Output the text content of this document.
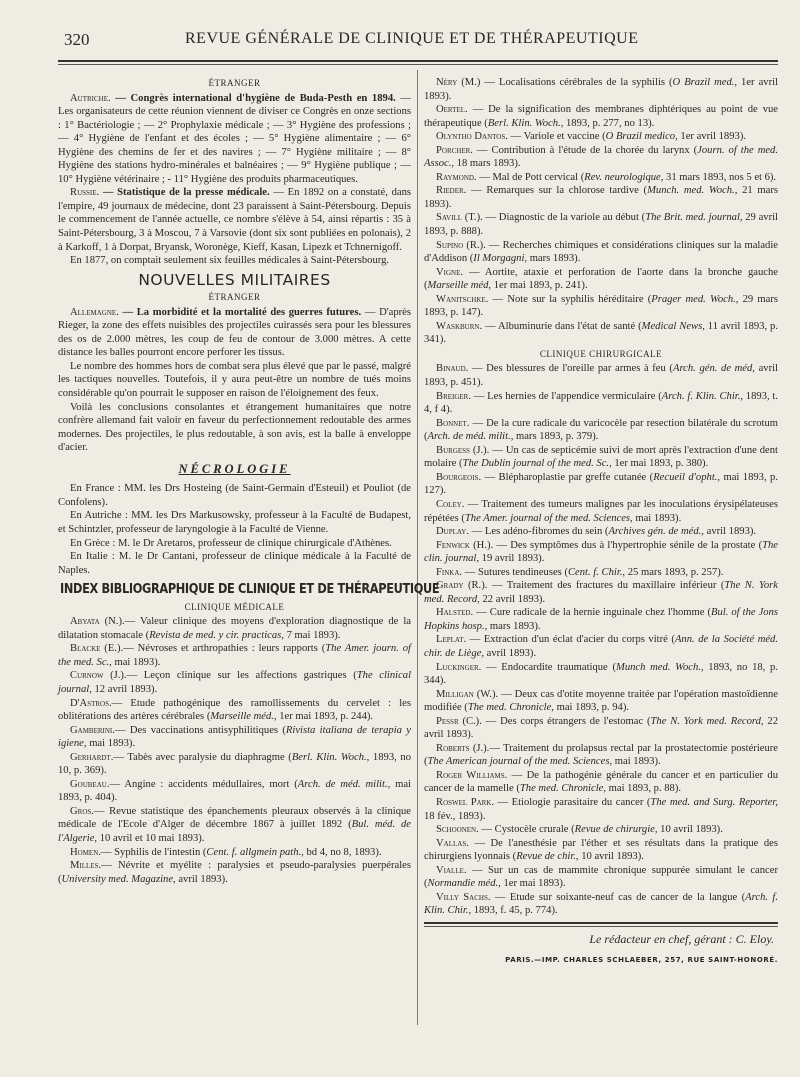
320	REVUE GÉNÉRALE DE CLINIQUE ET DE THÉRAPEUTIQUE
ÉTRANGER

Autriche. — Congrès international d'hygiène de Buda-Pesth en 1894. — Les organisateurs de cette réunion viennent de diviser ce Congrès en onze sections : 1° Bactériologie ; — 2° Prophylaxie médicale ; — 3° Hygiène des professions ; — 4° Hygiène de l'enfant et des écoles ; — 5° Hygiène alimentaire ; — 6° Hygiène des chemins de fer et des navires ; — 7° Hygiène militaire ; — 8° Hygiène des stations hydro-minérales et balnéaires ; — 9° Hygiène publique ; — 10° Hygiène vétérinaire ; - 11° Hygiène des produits pharmaceutiques.

Russie. — Statistique de la presse médicale. — En 1892 on a constaté, dans l'empire, 49 journaux de médecine, dont 23 paraissent à Saint-Pétersbourg. Depuis le commencement de l'année actuelle, ce nombre s'élève à 54, ainsi répartis : 35 à Saint-Pétersbourg, 3 à Moscou, 7 à Varsovie (dont six sont publiées en polonais), 2 à Karkoff, 1 à Dorpat, Bryansk, Woronège, Kieff, Kasan, Lipezk et Tchnernigoff.

En 1877, on comptait seulement six feuilles médicales à Saint-Pétersbourg.

NOUVELLES MILITAIRES
ÉTRANGER

Allemagne. — La morbidité et la mortalité des guerres futures. — D'après Rieger, la zone des effets nuisibles des projectiles cuirassés sera pour les blessures des os de 2.000 mètres, les coup de feu de contour de 3.000 mètres. A cette distance les balles pourront encore perforer les tissus.

Le nombre des hommes hors de combat sera plus élevé que par le passé, malgré les tactiques nouvelles. Toutefois, il y aura peut-être un nombre de tués moins considérable qu'on pourrait le supposer en raison de l'éloignement des feux.

Voilà les conclusions consolantes et étrangement humanitaires que notre confrère allemand fait valoir en faveur du perfectionnement redoutable des armes modernes. Des projectiles, le plus redoutable, à son avis, est la balle à enveloppe d'acier.

NÉCROLOGIE

En France : MM. les Drs Hosteing (de Saint-Germain d'Esteuil) et Pouliot (de Confolens).

En Autriche : MM. les Drs Markusowsky, professeur à la Faculté de Budapest, et Schintzler, professeur de laryngologie à la Faculté de Vienne.

En Grèce : M. le Dr Aretaros, professeur de clinique chirurgicale d'Athènes.

En Italie : M. le Dr Cantani, professeur de clinique médicale à la Faculté de Naples.

INDEX BIBLIOGRAPHIQUE DE CLINIQUE ET DE THÉRAPEUTIQUE
CLINIQUE MÉDICALE

Abyata (N.).— Valeur clinique des moyens d'exploration diagnostique de la dilatation stomacale (Revista de med. y cir. practicas, 7 mai 1893).

Blacke (E.).— Névroses et arthropathies : leurs rapports (The Amer. journ. of the med. Sc., mai 1893).

Curnow (J.).— Leçon clinique sur les affections gastriques (The clinical journal, 12 avril 1893).

D'Astros.— Etude pathogénique des ramollissements du cervelet : les oblitérations des artères cérébrales (Marseille méd., 1er mai 1893, p. 244).

Gamberini.— Des vaccinations antisyphilitiques (Rivista italiana de terapia y igiene, mai 1893).

Gerhardt.— Tabès avec paralysie du diaphragme (Berl. Klin. Woch., 1893, no 10, p. 369).

Goubeau.— Angine : accidents médullaires, mort (Arch. de méd. milit., mai 1893, p. 404).

Gros.— Revue statistique des épanchements pleuraux observés à la clinique médicale de l'Ecole d'Alger de décembre 1867 à juillet 1892 (Bul. méd. de l'Algerie, 10 avril et 10 mai 1893).

Homen.— Syphilis de l'intestin (Cent. f. allgmein path., bd 4, no 8, 1893).

Milles.— Névrite et myélite : paralysies et pseudo-paralysies puerpérales (University med. Magazine, avril 1893).

Néry (M.) — Localisations cérébrales de la syphilis (O Brazil med., 1er avril 1893).

Oertel. — De la signification des membranes diphtériques au point de vue thérapeutique (Berl. Klin. Woch., 1893, p. 277, no 13).

Olyntho Dantos. — Variole et vaccine (O Brazil medico, 1er avril 1893).

Porcher. — Contribution à l'étude de la chorée du larynx (Journ. of the med. Assoc., 18 mars 1893).

Raymond. — Mal de Pott cervical (Rev. neurologique, 31 mars 1893, nos 5 et 6).

Rieder. — Remarques sur la chlorose tardive (Munch. med. Woch., 21 mars 1893).

Savill (T.). — Diagnostic de la variole au début (The Brit. med. journal, 29 avril 1893, p. 888).

Supino (R.). — Recherches chimiques et considérations cliniques sur la maladie d'Addison (Il Morgagni, mars 1893).

Vigne. — Aortite, ataxie et perforation de l'aorte dans la bronche gauche (Marseille méd, 1er mai 1893, p. 241).

Wanitschke. — Note sur la syphilis héréditaire (Prager med. Woch., 29 mars 1893, p. 147).

Waskburn. — Albuminurie dans l'état de santé (Medical News, 11 avril 1893, p. 341).

CLINIQUE CHIRURGICALE

Binaud. — Des blessures de l'oreille par armes à feu (Arch. gén. de méd, avril 1893, p. 451).

Breiger. — Les hernies de l'appendice vermiculaire (Arch. f. Klin. Chir., 1893, t. 4, f 4).

Bonnet. — De la cure radicale du varicocèle par resection bilatérale du scrotum (Arch. de méd. milit., mars 1893, p. 379).

Burgess (J.). — Un cas de septicémie suivi de mort après l'extraction d'une dent molaire (The Dublin journal of the med. Sc., 1er mai 1893, p. 380).

Bourgeois. — Blépharoplastie par greffe cutanée (Recueil d'opht., mai 1893, p. 127).

Coley. — Traitement des tumeurs malignes par les inoculations érysipélateuses répétées (The Amer. journal of the med. Sciences, mai 1893).

Duplay. — Les adéno-fibromes du sein (Archives gén. de méd., avril 1893).

Fenwick (H.). — Des symptômes dus à l'hypertrophie sénile de la prostate (The clin. journal, 19 avril 1893).

Finka. — Sutures tendineuses (Cent. f. Chir., 25 mars 1893, p. 257).

Grady (R.). — Traitement des fractures du maxillaire inférieur (The N. York med. Record, 22 avril 1893).

Halsted. — Cure radicale de la hernie inguinale chez l'homme (Bul. of the Jons Hopkins hosp., mars 1893).

Leplat. — Extraction d'un éclat d'acier du corps vitré (Ann. de la Société méd. chir. de Liège, avril 1893).

Luckinger. — Endocardite traumatique (Munch med. Woch., 1893, no 18, p. 344).

Milligan (W.). — Deux cas d'otite moyenne traitée par l'opération mastoïdienne modifiée (The med. Chronicle, mai 1893, p. 94).

Pessr (C.). — Des corps étrangers de l'estomac (The N. York med. Record, 22 avril 1893).

Roberts (J.).— Traitement du prolapsus rectal par la prostatectomie postérieure (The American journal of the med. Sciences, mai 1893).

Roger Williams. — De la pathogénie générale du cancer et en particulier du cancer de la mamelle (The med. Chronicle, mai 1893, p. 88).

Roswel Park. — Etiologie parasitaire du cancer (The med. and Surg. Reporter, 18 fév., 1893).

Schoonen. — Cystocèle crurale (Revue de chirurgie, 10 avril 1893).

Vallas. — De l'anesthésie par l'éther et ses résultats dans la pratique des chirurgiens lyonnais (Revue de chir., 10 avril 1893).

Vialle. — Sur un cas de mammite chronique suppurée simulant le cancer (Normandie méd., 1er mai 1893).

Villy Sachs. — Etude sur soixante-neuf cas de cancer de la langue (Arch. f. Klin. Chir., 1893, f. 45, p. 774).

Le rédacteur en chef, gérant : C. Eloy.
PARIS.—IMP. CHARLES SCHLAEBER, 257, RUE SAINT-HONORÉ.
